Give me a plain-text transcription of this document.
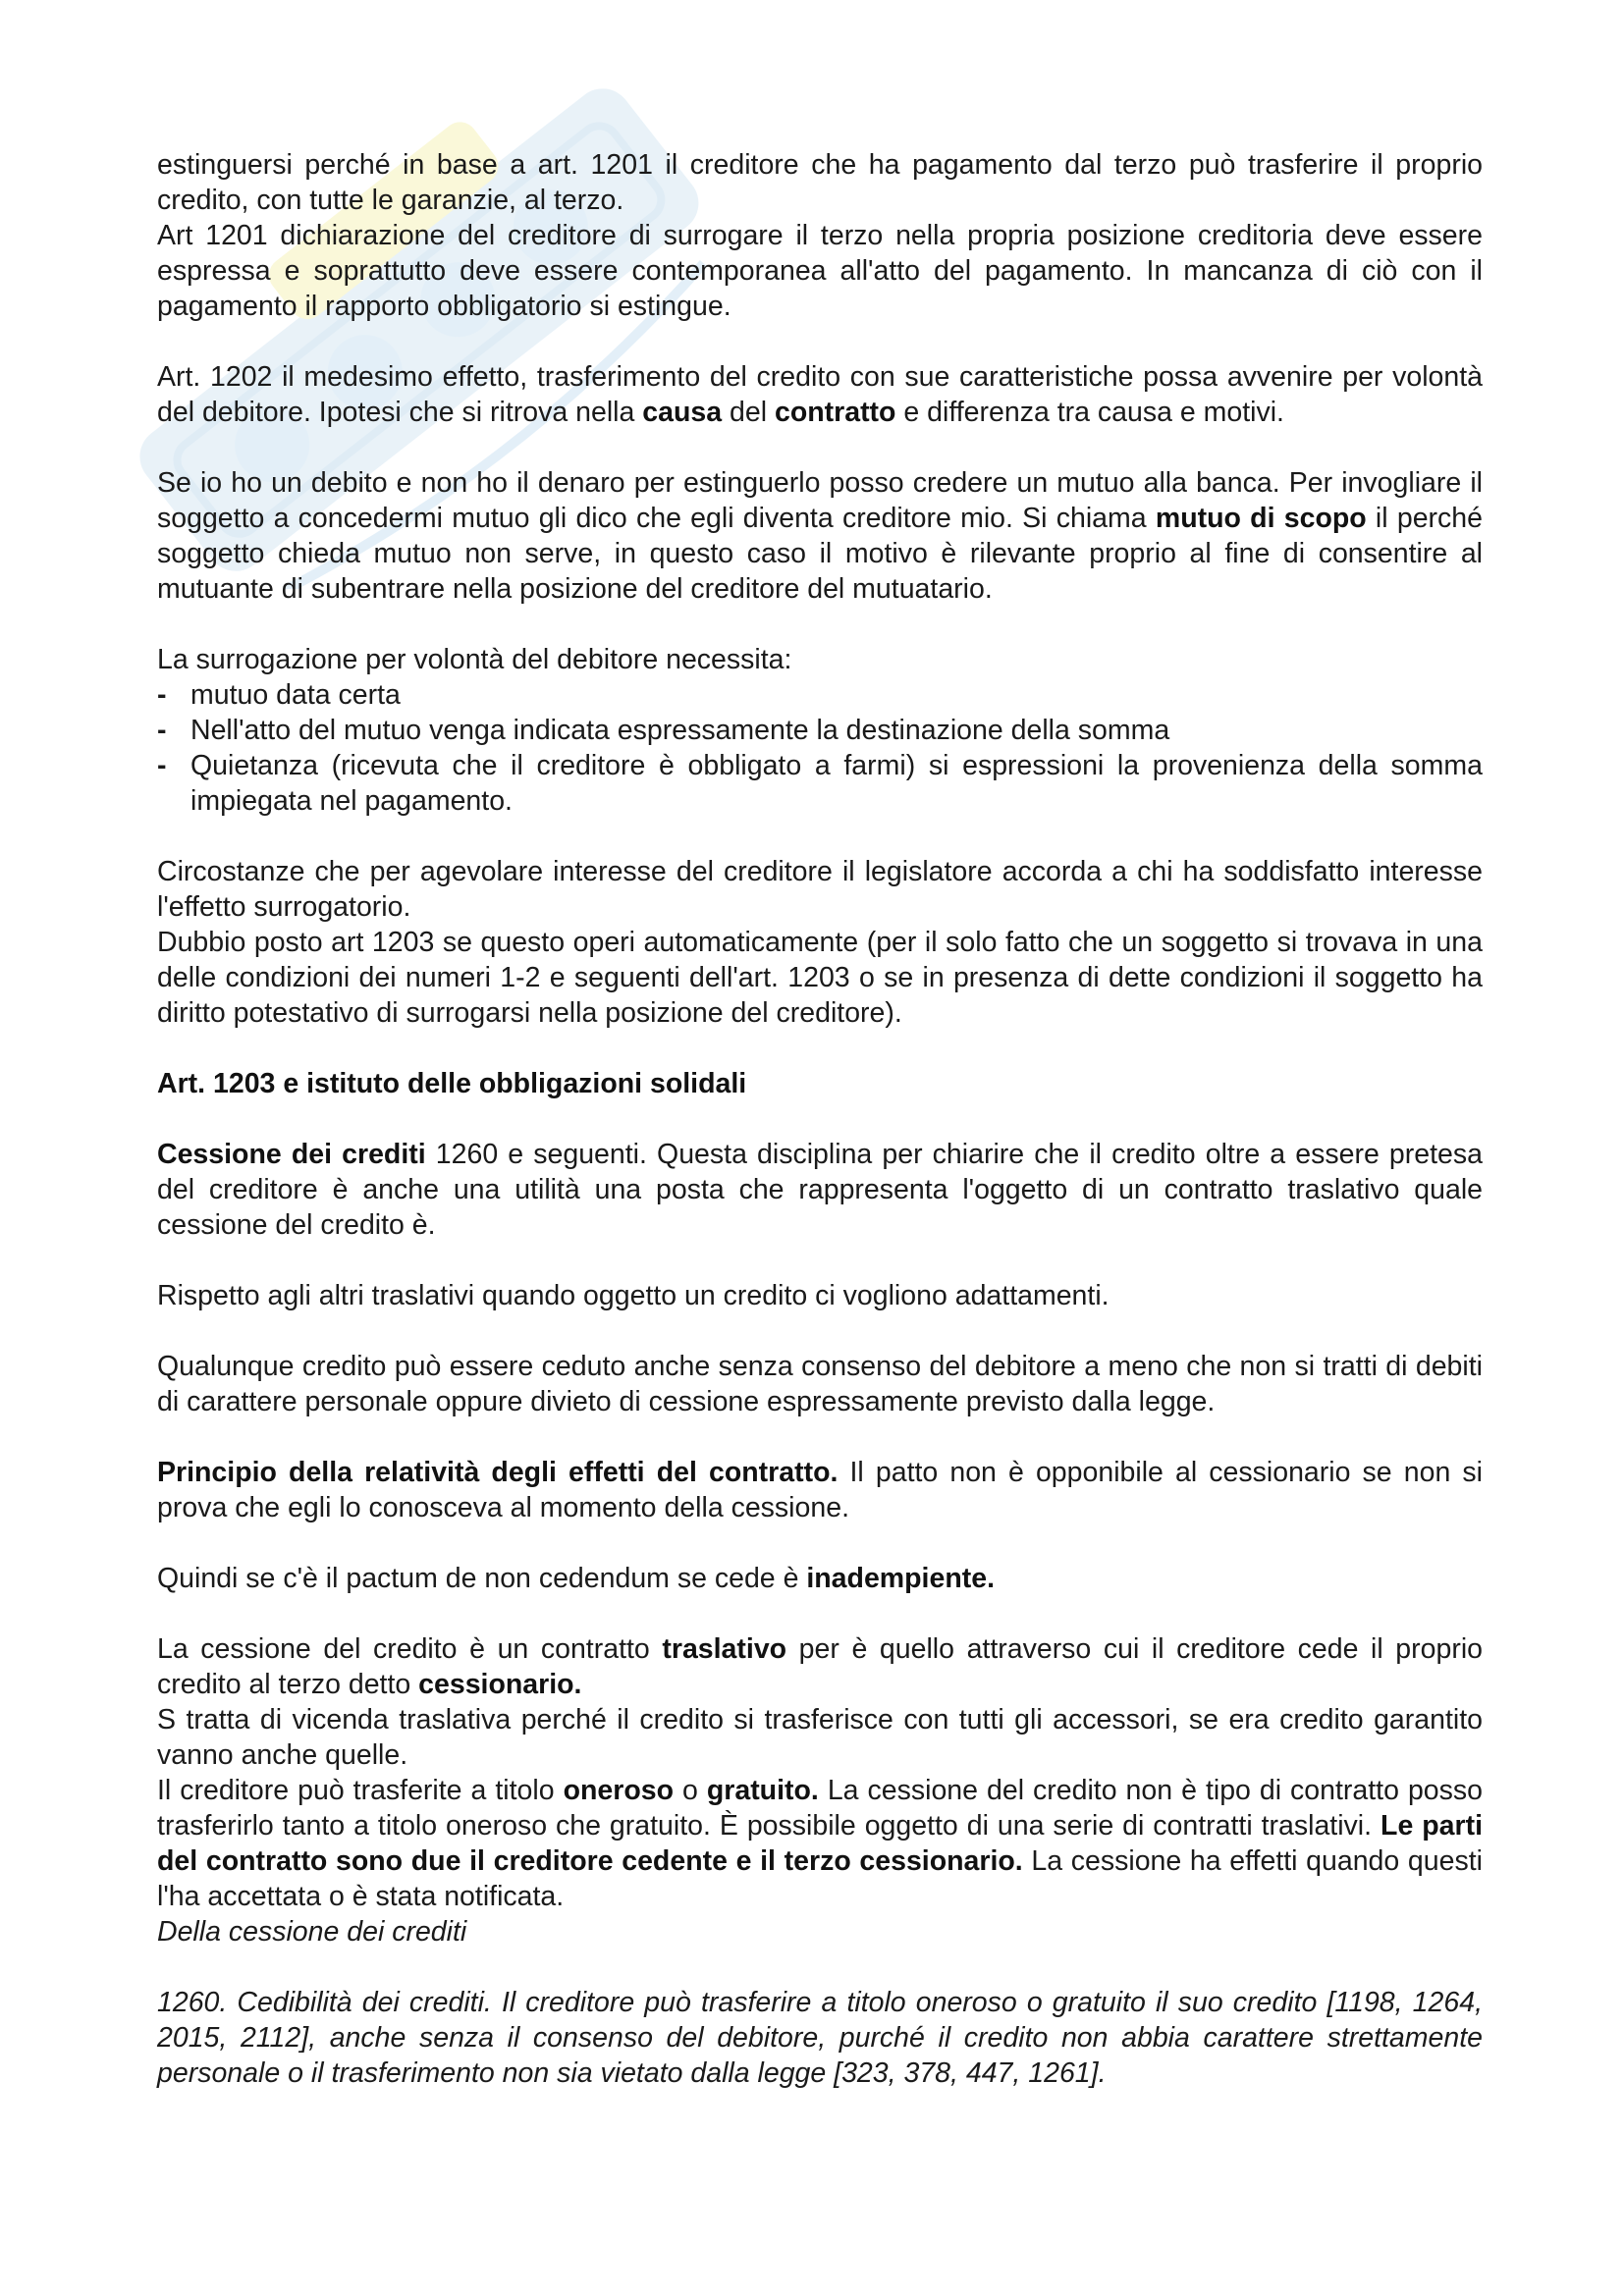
estinguersi perché in base a art. 1201 il creditore che ha pagamento dal terzo può trasferire il proprio credito, con tutte le garanzie, al terzo.

Art 1201 dichiarazione del creditore di surrogare il terzo nella propria posizione creditoria deve essere espressa e soprattutto deve essere contemporanea all'atto del pagamento. In mancanza di ciò con il pagamento il rapporto obbligatorio si estingue.

Art. 1202 il medesimo effetto, trasferimento del credito con sue caratteristiche possa avvenire per volontà del debitore. Ipotesi che si ritrova nella causa del contratto e differenza tra causa e motivi.

Se io ho un debito e non ho il denaro per estinguerlo posso credere un mutuo alla banca. Per invogliare il soggetto a concedermi mutuo gli dico che egli diventa creditore mio. Si chiama mutuo di scopo il perché soggetto chieda mutuo non serve, in questo caso il motivo è rilevante proprio al fine di consentire al mutuante di subentrare nella posizione del creditore del mutuatario.

La surrogazione per volontà del debitore necessita:

- mutuo data certa
- Nell'atto del mutuo venga indicata espressamente la destinazione della somma
- Quietanza (ricevuta che il creditore è obbligato a farmi) si espressioni la provenienza della somma impiegata nel pagamento.

Circostanze che per agevolare interesse del creditore il legislatore accorda a chi ha soddisfatto interesse l'effetto surrogatorio.

Dubbio posto art 1203 se questo operi automaticamente (per il solo fatto che un soggetto si trovava in una delle condizioni dei numeri 1-2 e seguenti dell'art. 1203 o se in presenza di dette condizioni il soggetto ha diritto potestativo di surrogarsi nella posizione del creditore).

Art. 1203 e istituto delle obbligazioni solidali

Cessione dei crediti 1260 e seguenti. Questa disciplina per chiarire che il credito oltre a essere pretesa del creditore è anche una utilità una posta che rappresenta l'oggetto di un contratto traslativo quale cessione del credito è.

Rispetto agli altri traslativi quando oggetto un credito ci vogliono adattamenti.

Qualunque credito può essere ceduto anche senza consenso del debitore a meno che non si tratti di debiti di carattere personale oppure divieto di cessione espressamente previsto dalla legge.

Principio della relatività degli effetti del contratto. Il patto non è opponibile al cessionario se non si prova che egli lo conosceva al momento della cessione.

Quindi se c'è il pactum de non cedendum se cede è inadempiente.

La cessione del credito è un contratto traslativo per è quello attraverso cui il creditore cede il proprio credito al terzo detto cessionario.

S tratta di vicenda traslativa perché il credito si trasferisce con tutti gli accessori, se era credito garantito vanno anche quelle.

Il creditore può trasferite a titolo oneroso o gratuito. La cessione del credito non è tipo di contratto posso trasferirlo tanto a titolo oneroso che gratuito. È possibile oggetto di una serie di contratti traslativi. Le parti del contratto sono due il creditore cedente e il terzo cessionario. La cessione ha effetti quando questi l'ha accettata o è stata notificata.

Della cessione dei crediti

1260. Cedibilità dei crediti. Il creditore può trasferire a titolo oneroso o gratuito il suo credito [1198, 1264, 2015, 2112], anche senza il consenso del debitore, purché il credito non abbia carattere strettamente personale o il trasferimento non sia vietato dalla legge [323, 378, 447, 1261].
